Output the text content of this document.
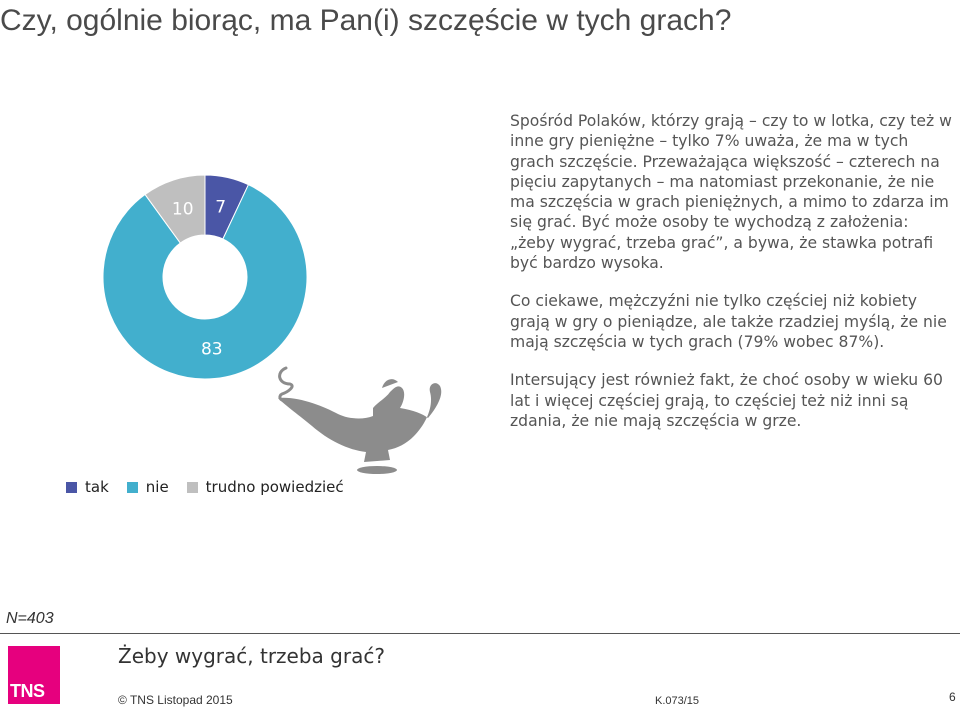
Czy, ogólnie biorąc, ma Pan(i) szczęście w tych grach?
7
83
10
tak nie trudno powiedzieć

Spośród Polaków, którzy grają – czy to w lotka, czy też w inne gry pieniężne – tylko 7% uważa, że ma w tych grach szczęście. Przeważająca większość – czterech na pięciu zapytanych – ma natomiast przekonanie, że nie ma szczęścia w grach pieniężnych, a mimo to zdarza im się grać. Być może osoby te wychodzą z założenia: „żeby wygrać, trzeba grać”, a bywa, że stawka potrafi być bardzo wysoka.

Co ciekawe, mężczyźni nie tylko częściej niż kobiety grają w gry o pieniądze, ale także rzadziej myślą, że nie mają szczęścia w tych grach (79% wobec 87%).

Intersujący jest również fakt, że choć osoby w wieku 60 lat i więcej częściej grają, to częściej też niż inni są zdania, że nie mają szczęścia w grze.

N=403
TNS
Żeby wygrać, trzeba grać?
© TNS Listopad 2015	K.073/15	6
